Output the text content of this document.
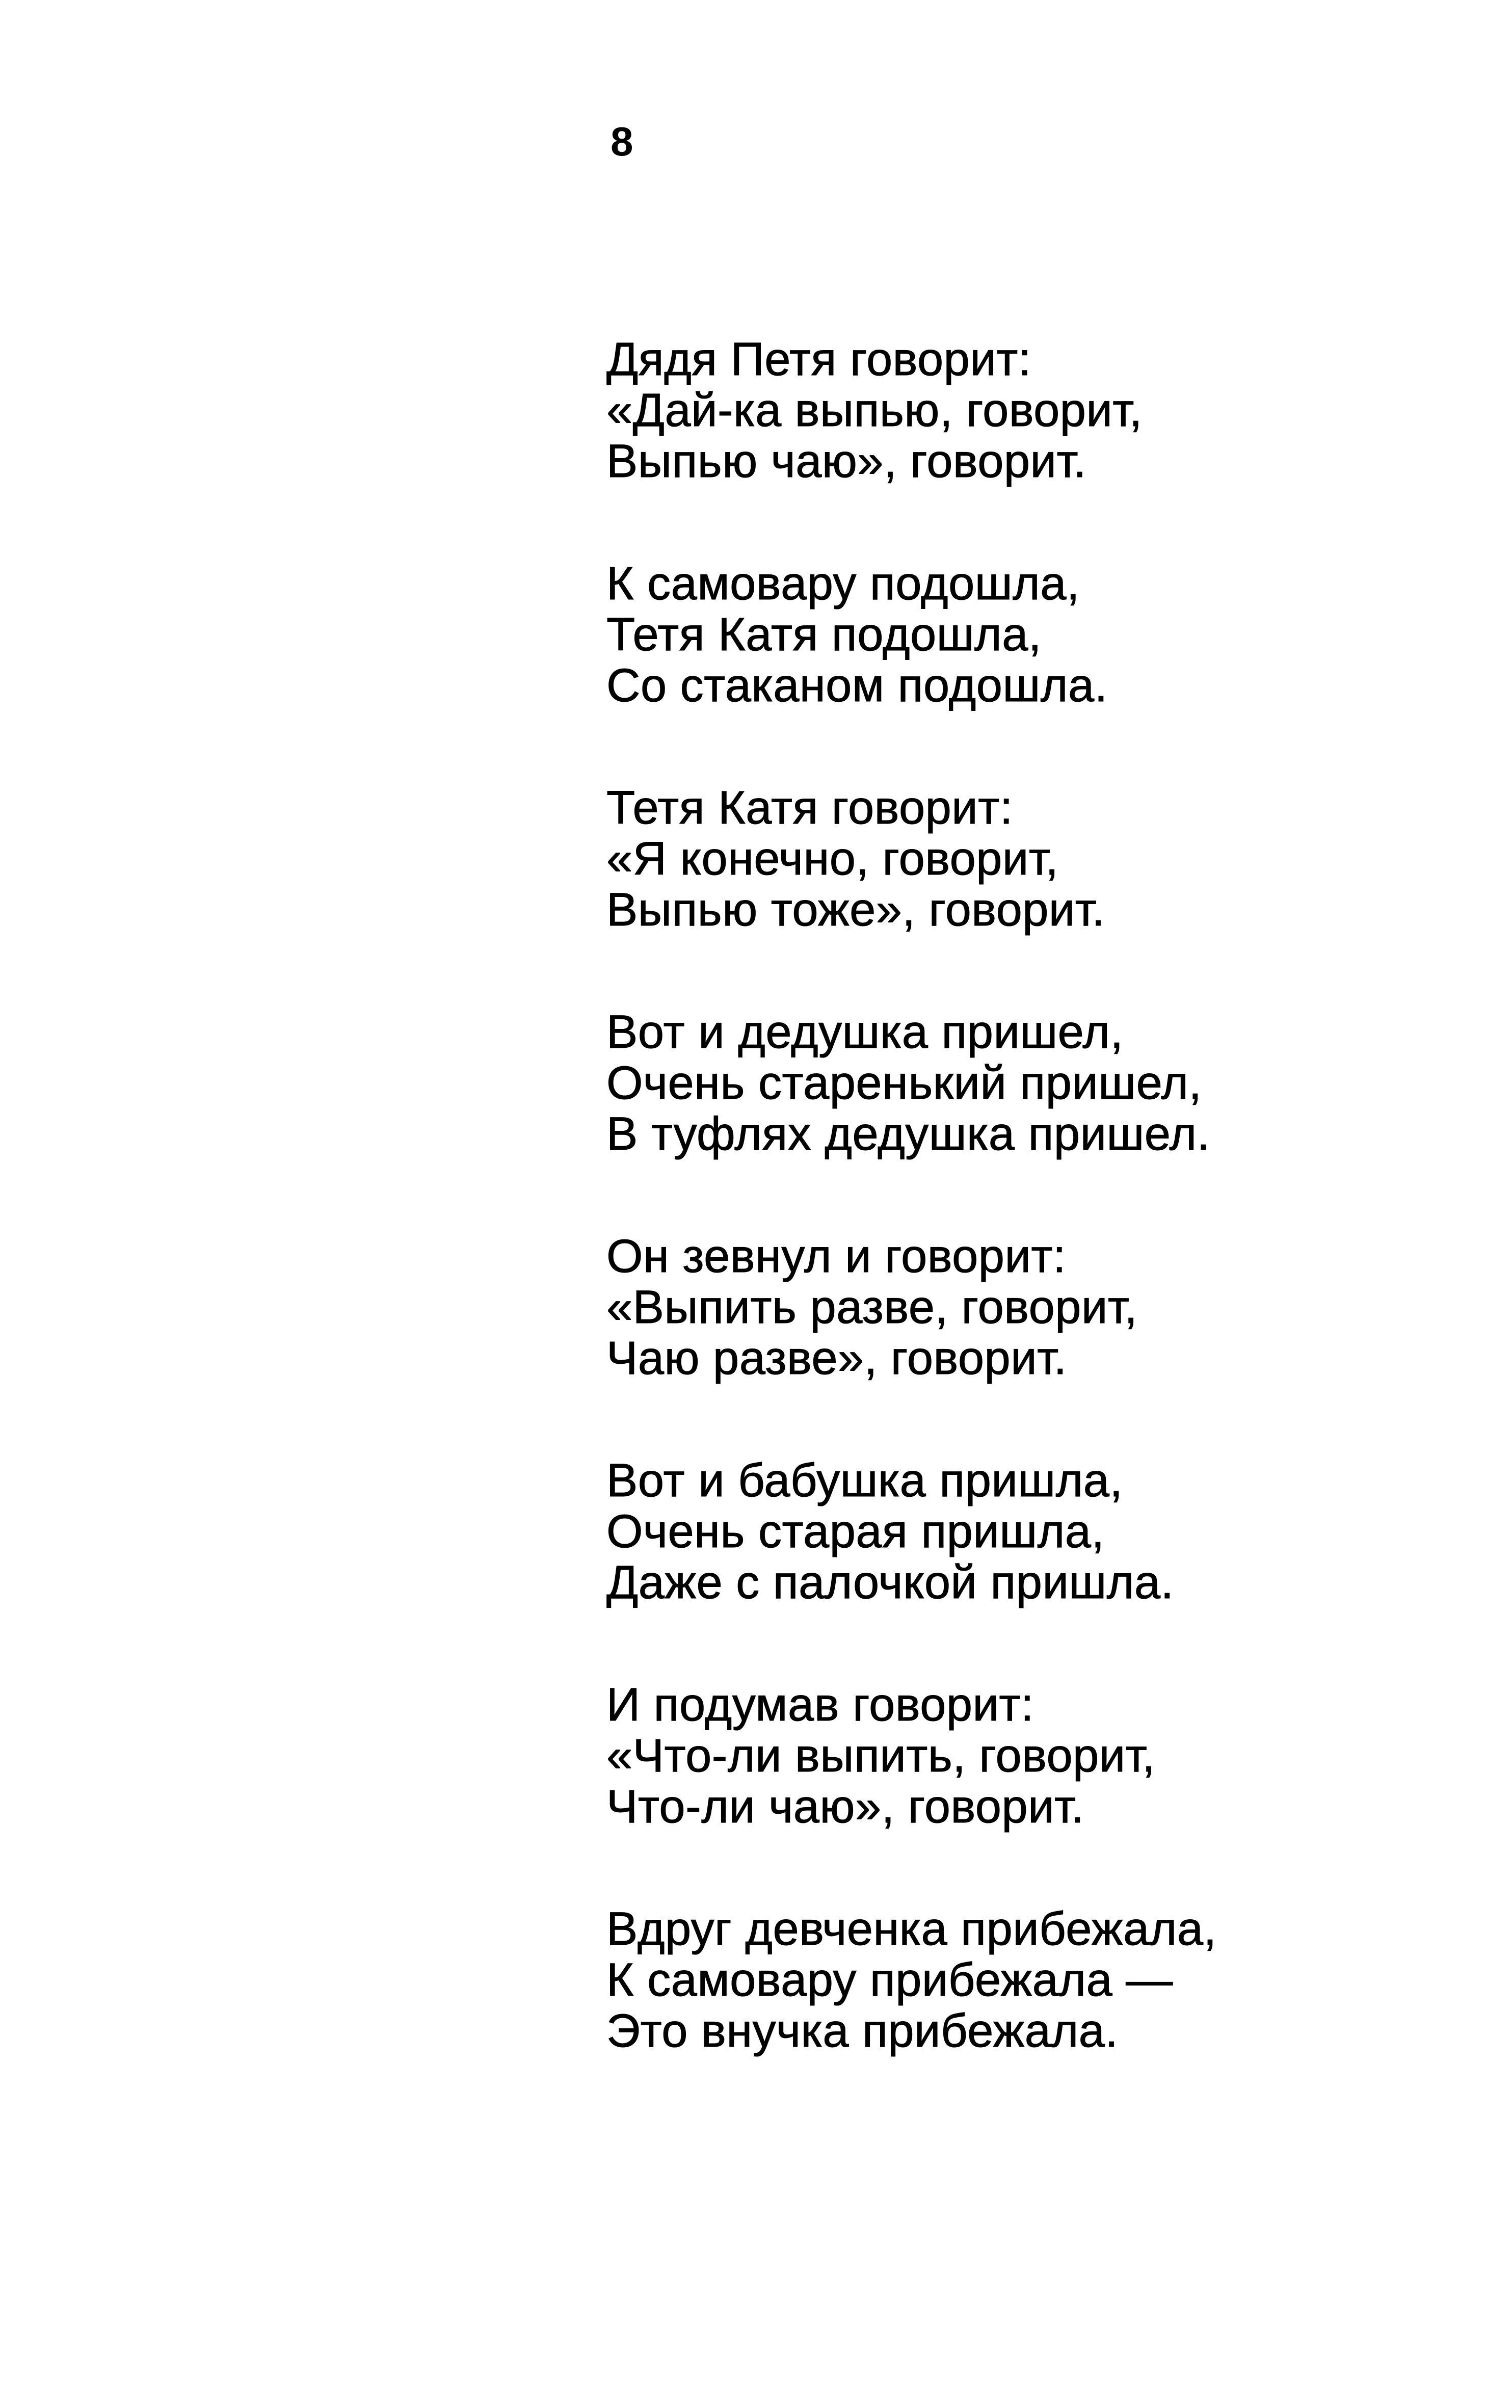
8
Дядя Петя говорит:
«Дай-ка выпью, говорит,
Выпью чаю», говорит.
К самовару подошла,
Тетя Катя подошла,
Со стаканом подошла.
Тетя Катя говорит:
«Я конечно, говорит,
Выпью тоже», говорит.
Вот и дедушка пришел,
Очень старенький пришел,
В туфлях дедушка пришел.
Он зевнул и говорит:
«Выпить разве, говорит,
Чаю разве», говорит.
Вот и бабушка пришла,
Очень старая пришла,
Даже с палочкой пришла.
И подумав говорит:
«Что-ли выпить, говорит,
Что-ли чаю», говорит.
Вдруг девченка прибежала,
К самовару прибежала —
Это внучка прибежала.
